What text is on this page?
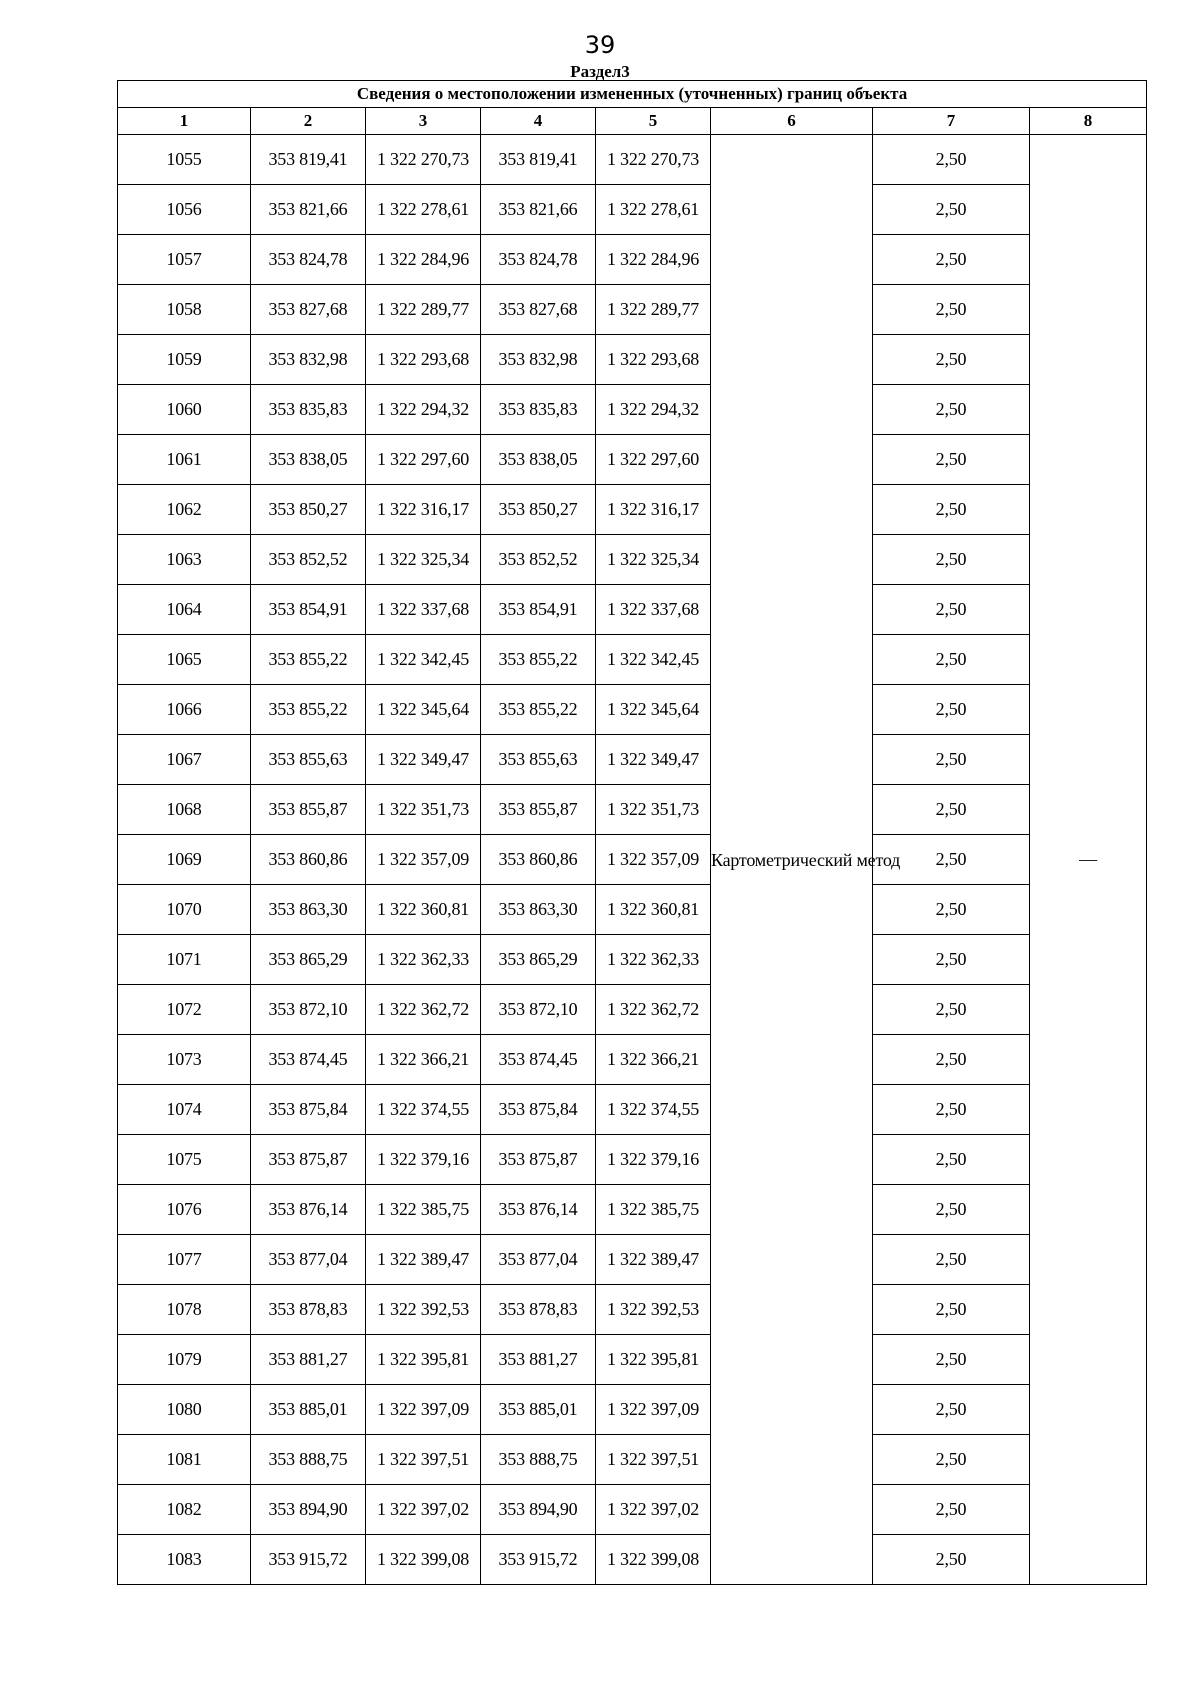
39
Раздел3
Сведения о местоположении измененных (уточненных) границ объекта							
1	2	3	4	5	6	7	8
1055	353 819,41	1 322 270,73	353 819,41	1 322 270,73	Картометрический метод	2,50	—
1056	353 821,66	1 322 278,61	353 821,66	1 322 278,61		2,50	
1057	353 824,78	1 322 284,96	353 824,78	1 322 284,96		2,50	
1058	353 827,68	1 322 289,77	353 827,68	1 322 289,77		2,50	
1059	353 832,98	1 322 293,68	353 832,98	1 322 293,68		2,50	
1060	353 835,83	1 322 294,32	353 835,83	1 322 294,32		2,50	
1061	353 838,05	1 322 297,60	353 838,05	1 322 297,60		2,50	
1062	353 850,27	1 322 316,17	353 850,27	1 322 316,17		2,50	
1063	353 852,52	1 322 325,34	353 852,52	1 322 325,34		2,50	
1064	353 854,91	1 322 337,68	353 854,91	1 322 337,68		2,50	
1065	353 855,22	1 322 342,45	353 855,22	1 322 342,45		2,50	
1066	353 855,22	1 322 345,64	353 855,22	1 322 345,64		2,50	
1067	353 855,63	1 322 349,47	353 855,63	1 322 349,47		2,50	
1068	353 855,87	1 322 351,73	353 855,87	1 322 351,73		2,50	
1069	353 860,86	1 322 357,09	353 860,86	1 322 357,09		2,50	
1070	353 863,30	1 322 360,81	353 863,30	1 322 360,81		2,50	
1071	353 865,29	1 322 362,33	353 865,29	1 322 362,33		2,50	
1072	353 872,10	1 322 362,72	353 872,10	1 322 362,72		2,50	
1073	353 874,45	1 322 366,21	353 874,45	1 322 366,21		2,50	
1074	353 875,84	1 322 374,55	353 875,84	1 322 374,55		2,50	
1075	353 875,87	1 322 379,16	353 875,87	1 322 379,16		2,50	
1076	353 876,14	1 322 385,75	353 876,14	1 322 385,75		2,50	
1077	353 877,04	1 322 389,47	353 877,04	1 322 389,47		2,50	
1078	353 878,83	1 322 392,53	353 878,83	1 322 392,53		2,50	
1079	353 881,27	1 322 395,81	353 881,27	1 322 395,81		2,50	
1080	353 885,01	1 322 397,09	353 885,01	1 322 397,09		2,50	
1081	353 888,75	1 322 397,51	353 888,75	1 322 397,51		2,50	
1082	353 894,90	1 322 397,02	353 894,90	1 322 397,02		2,50	
1083	353 915,72	1 322 399,08	353 915,72	1 322 399,08		2,50	
